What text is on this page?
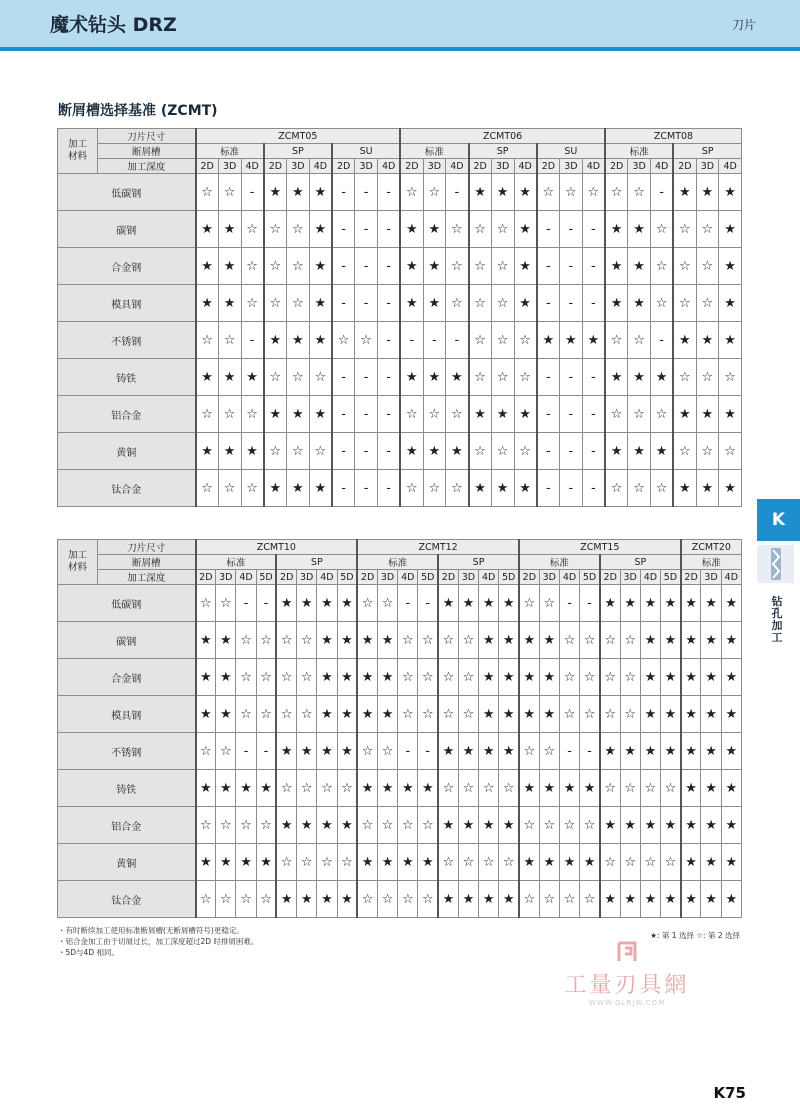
魔术钻头 DRZ	刀片
断屑槽选择基准 (ZCMT)
加工材料	刀片尺寸	ZCMT05									ZCMT06									ZCMT08					
	断屑槽	标准			SP			SU			标准			SP			SU			标准			SP		
	加工深度	2D	3D	4D	2D	3D	4D	2D	3D	4D	2D	3D	4D	2D	3D	4D	2D	3D	4D	2D	3D	4D	2D	3D	4D
低碳钢		☆	☆	-	★	★	★	-	-	-	☆	☆	-	★	★	★	☆	☆	☆	☆	☆	-	★	★	★
碳钢		★	★	☆	☆	☆	★	-	-	-	★	★	☆	☆	☆	★	-	-	-	★	★	☆	☆	☆	★
合金钢		★	★	☆	☆	☆	★	-	-	-	★	★	☆	☆	☆	★	-	-	-	★	★	☆	☆	☆	★
模具钢		★	★	☆	☆	☆	★	-	-	-	★	★	☆	☆	☆	★	-	-	-	★	★	☆	☆	☆	★
不锈钢		☆	☆	-	★	★	★	☆	☆	-	-	-	-	☆	☆	☆	★	★	★	☆	☆	-	★	★	★
铸铁		★	★	★	☆	☆	☆	-	-	-	★	★	★	☆	☆	☆	-	-	-	★	★	★	☆	☆	☆
铝合金		☆	☆	☆	★	★	★	-	-	-	☆	☆	☆	★	★	★	-	-	-	☆	☆	☆	★	★	★
黄铜		★	★	★	☆	☆	☆	-	-	-	★	★	★	☆	☆	☆	-	-	-	★	★	★	☆	☆	☆
钛合金		☆	☆	☆	★	★	★	-	-	-	☆	☆	☆	★	★	★	-	-	-	☆	☆	☆	★	★	★
加工材料	刀片尺寸	ZCMT10								ZCMT12								ZCMT15								ZCMT20		
	断屑槽	标准				SP				标准				SP				标准				SP				标准		
	加工深度	2D	3D	4D	5D	2D	3D	4D	5D	2D	3D	4D	5D	2D	3D	4D	5D	2D	3D	4D	5D	2D	3D	4D	5D	2D	3D	4D
低碳钢		☆	☆	-	-	★	★	★	★	☆	☆	-	-	★	★	★	★	☆	☆	-	-	★	★	★	★	★	★	★
碳钢		★	★	☆	☆	☆	☆	★	★	★	★	☆	☆	☆	☆	★	★	★	★	☆	☆	☆	☆	★	★	★	★	★
合金钢		★	★	☆	☆	☆	☆	★	★	★	★	☆	☆	☆	☆	★	★	★	★	☆	☆	☆	☆	★	★	★	★	★
模具钢		★	★	☆	☆	☆	☆	★	★	★	★	☆	☆	☆	☆	★	★	★	★	☆	☆	☆	☆	★	★	★	★	★
不锈钢		☆	☆	-	-	★	★	★	★	☆	☆	-	-	★	★	★	★	☆	☆	-	-	★	★	★	★	★	★	★
铸铁		★	★	★	★	☆	☆	☆	☆	★	★	★	★	☆	☆	☆	☆	★	★	★	★	☆	☆	☆	☆	★	★	★
铝合金		☆	☆	☆	☆	★	★	★	★	☆	☆	☆	☆	★	★	★	★	☆	☆	☆	☆	★	★	★	★	★	★	★
黄铜		★	★	★	★	☆	☆	☆	☆	★	★	★	★	☆	☆	☆	☆	★	★	★	★	☆	☆	☆	☆	★	★	★
钛合金		☆	☆	☆	☆	★	★	★	★	☆	☆	☆	☆	★	★	★	★	☆	☆	☆	☆	★	★	★	★	★	★	★
K
钻孔加工
・有时断续加工使用标准断屑槽(无断屑槽符号)更稳定。
・铝合金加工由于切屑过长，加工深度超过2D 时排屑困难。
・5D与4D 相同。
★: 第 1 选择 ☆: 第 2 选择
工量刃具網
WWW.GLRJW.COM
K75
